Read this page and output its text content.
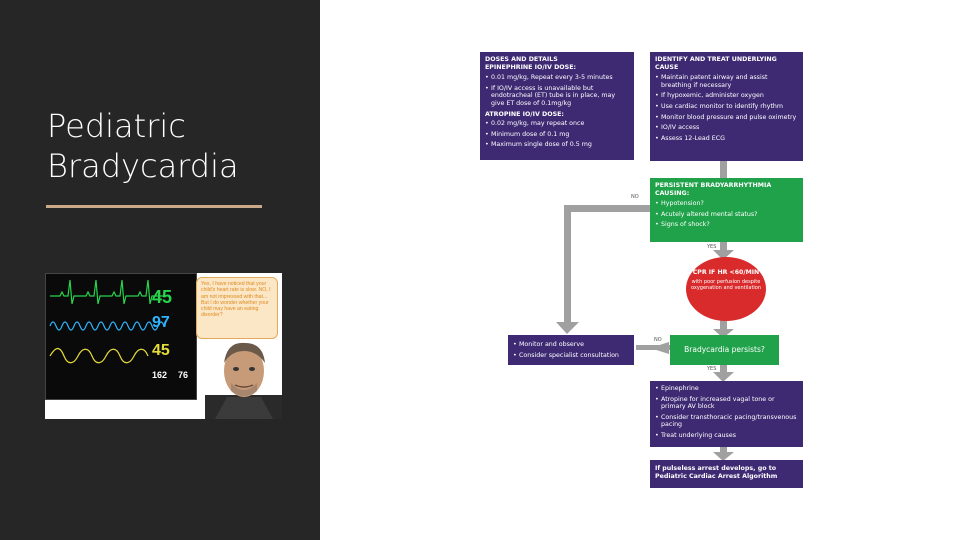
Pediatric
Bradycardia
45
97
45
162 76
Yes, I have noticed that your child's heart rate is slow. NO, I am not impressed with that... But I do wonder whether your child may have an eating disorder?
DOSES AND DETAILS
EPINEPHRINE IO/IV DOSE:
• 0.01 mg/kg, Repeat every 3-5 minutes
• If IO/IV access is unavailable but endotracheal (ET) tube is in place, may give ET dose of 0.1mg/kg
ATROPINE IO/IV DOSE:
• 0.02 mg/kg, may repeat once
• Minimum dose of 0.1 mg
• Maximum single dose of 0.5 mg
IDENTIFY AND TREAT UNDERLYING CAUSE
• Maintain patent airway and assist breathing if necessary
• If hypoxemic, administer oxygen
• Use cardiac monitor to identify rhythm
• Monitor blood pressure and pulse oximetry
• IO/IV access
• Assess 12-Lead ECG
NO
PERSISTENT BRADYARRHYTHMIA CAUSING:
• Hypotension?
• Acutely altered mental status?
• Signs of shock?
YES
CPR IF HR <60/MIN
with poor perfusion despite oxygenation and ventilation
NO
Bradycardia persists?
• Monitor and observe
• Consider specialist consultation
YES
• Epinephrine
• Atropine for increased vagal tone or primary AV block
• Consider transthoracic pacing/transvenous pacing
• Treat underlying causes
If pulseless arrest develops, go to Pediatric Cardiac Arrest Algorithm
